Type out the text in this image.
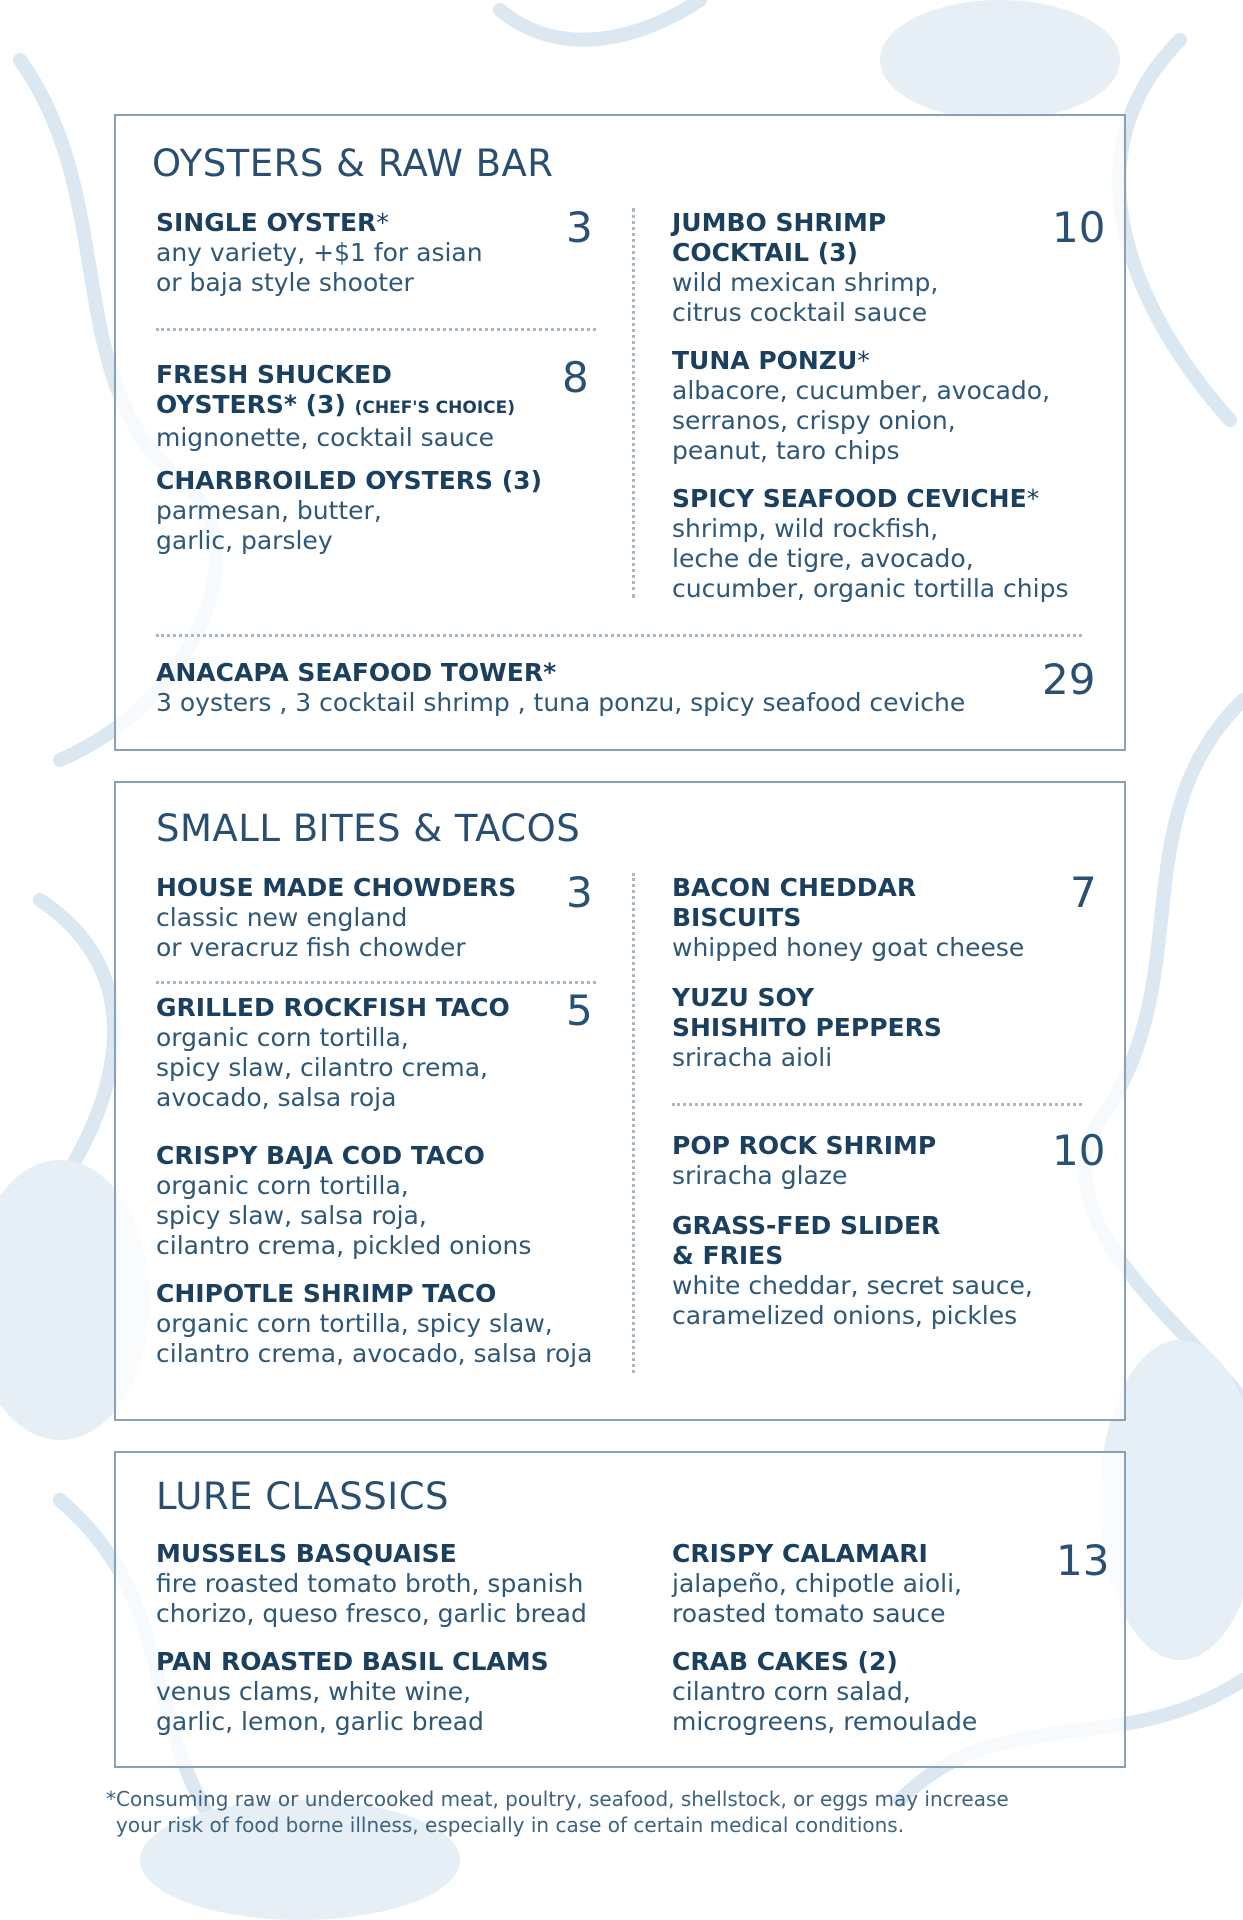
OYSTERS & RAW BAR
SINGLE OYSTER*
any variety, +$1 for asian
or baja style shooter
3
FRESH SHUCKED
OYSTERS* (3) (CHEF'S CHOICE)
mignonette, cocktail sauce
8
CHARBROILED OYSTERS (3)
parmesan, butter,
garlic, parsley
JUMBO SHRIMP
COCKTAIL (3)
wild mexican shrimp,
citrus cocktail sauce
10
TUNA PONZU*
albacore, cucumber, avocado,
serranos, crispy onion,
peanut, taro chips
SPICY SEAFOOD CEVICHE*
shrimp, wild rockfish,
leche de tigre, avocado,
cucumber, organic tortilla chips
ANACAPA SEAFOOD TOWER*
3 oysters , 3 cocktail shrimp , tuna ponzu, spicy seafood ceviche 29
SMALL BITES & TACOS
HOUSE MADE CHOWDERS
classic new england
or veracruz fish chowder
3
GRILLED ROCKFISH TACO
organic corn tortilla,
spicy slaw, cilantro crema,
avocado, salsa roja
5
CRISPY BAJA COD TACO
organic corn tortilla,
spicy slaw, salsa roja,
cilantro crema, pickled onions
CHIPOTLE SHRIMP TACO
organic corn tortilla, spicy slaw,
cilantro crema, avocado, salsa roja
BACON CHEDDAR
BISCUITS
whipped honey goat cheese
7
YUZU SOY
SHISHITO PEPPERS
sriracha aioli
POP ROCK SHRIMP
sriracha glaze
10
GRASS-FED SLIDER
& FRIES
white cheddar, secret sauce,
caramelized onions, pickles
LURE CLASSICS
MUSSELS BASQUAISE
fire roasted tomato broth, spanish
chorizo, queso fresco, garlic bread
PAN ROASTED BASIL CLAMS
venus clams, white wine,
garlic, lemon, garlic bread
CRISPY CALAMARI
jalapeño, chipotle aioli,
roasted tomato sauce
13
CRAB CAKES (2)
cilantro corn salad,
microgreens, remoulade
*Consuming raw or undercooked meat, poultry, seafood, shellstock, or eggs may increase
your risk of food borne illness, especially in case of certain medical conditions.
